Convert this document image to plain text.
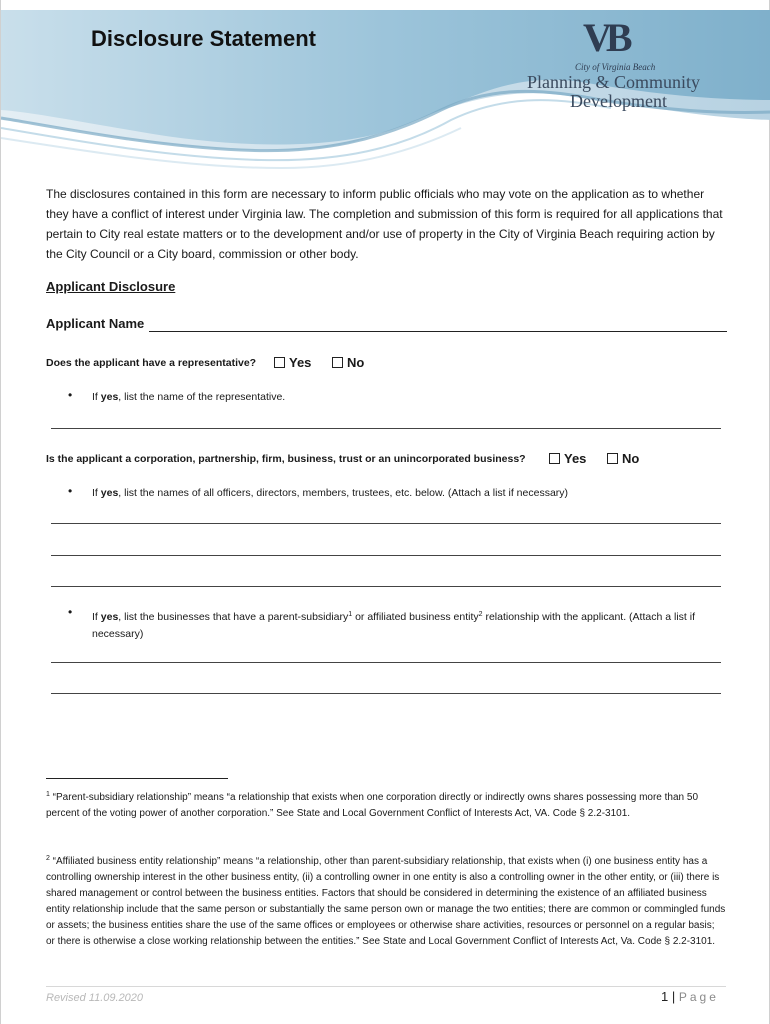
Disclosure Statement	VB
City of Virginia Beach
Planning & Community
Development

The disclosures contained in this form are necessary to inform public officials who may vote on the application as to whether they have a conflict of interest under Virginia law. The completion and submission of this form is required for all applications that pertain to City real estate matters or to the development and/or use of property in the City of Virginia Beach requiring action by the City Council or a City board, commission or other body.

Applicant Disclosure
Applicant Name
Does the applicant have a representative?	Yes	No
• If yes, list the name of the representative.
Is the applicant a corporation, partnership, firm, business, trust or an unincorporated business?	Yes	No
• If yes, list the names of all officers, directors, members, trustees, etc. below. (Attach a list if necessary)
• If yes, list the businesses that have a parent-subsidiary$^1$ or affiliated business entity$^2$ relationship with the applicant. (Attach a list if necessary)

$^1$ “Parent-subsidiary relationship” means “a relationship that exists when one corporation directly or indirectly owns shares possessing more than 50 percent of the voting power of another corporation.” See State and Local Government Conflict of Interests Act, VA. Code § 2.2-3101.

$^2$ “Affiliated business entity relationship” means “a relationship, other than parent-subsidiary relationship, that exists when (i) one business entity has a controlling ownership interest in the other business entity, (ii) a controlling owner in one entity is also a controlling owner in the other entity, or (iii) there is shared management or control between the business entities. Factors that should be considered in determining the existence of an affiliated business entity relationship include that the same person or substantially the same person own or manage the two entities; there are common or commingled funds or assets; the business entities share the use of the same offices or employees or otherwise share activities, resources or personnel on a regular basis; or there is otherwise a close working relationship between the entities.” See State and Local Government Conflict of Interests Act, Va. Code § 2.2-3101.

Revised 11.09.2020	1 | Page
